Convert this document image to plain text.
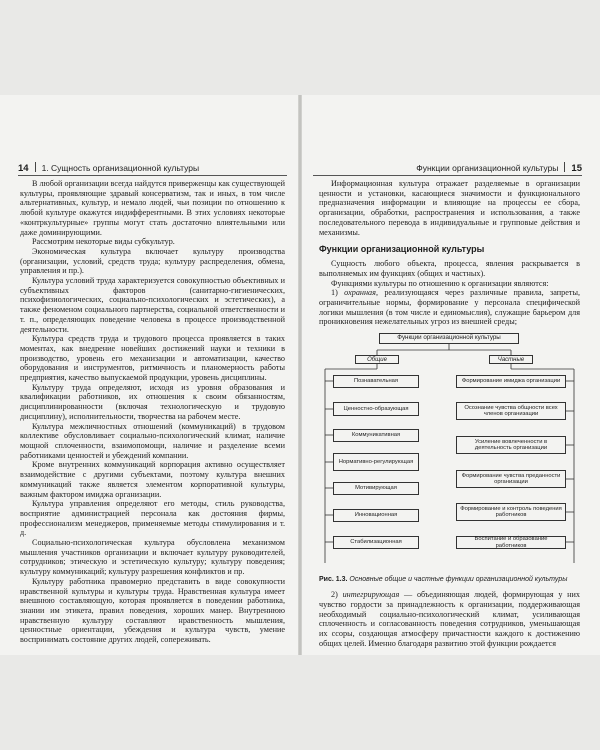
14 1. Сущность организационной культуры

В любой организации всегда найдутся приверженцы как существующей культуры, проявляющие здравый консерватизм, так и иных, в том числе альтернативных, культур, и немало людей, чьи позиции по отношению к любой культуре окажутся индифферентными. В этих условиях некоторые «контркультурные» группы могут стать достаточно влиятельными или даже доминирующими.

Рассмотрим некоторые виды субкультур.

Экономическая культура включает культуру производства (организации, условий, средств труда; культуру распределения, обмена, управления и пр.).

Культура условий труда характеризуется совокупностью объективных и субъективных факторов (санитарно-гигиенических, психофизиологических, социально-психологических и эстетических), а также феноменом социального партнерства, социальной ответственности и т. п., определяющих поведение человека в процессе производственной деятельности.

Культура средств труда и трудового процесса проявляется в таких моментах, как внедрение новейших достижений науки и техники в производство, уровень его механизации и автоматизации, качество оборудования и инструментов, ритмичность и планомерность работы предприятия, качество выпускаемой продукции, уровень дисциплины.

Культуру труда определяют, исходя из уровня образования и квалификации работников, их отношения к своим обязанностям, дисциплинированности (включая технологическую и трудовую дисциплину), исполнительности, творчества на рабочем месте.

Культура межличностных отношений (коммуникаций) в трудовом коллективе обусловливает социально-психологический климат, наличие мощной сплоченности, взаимопомощи, наличие и разделение всеми работниками ценностей и убеждений компании.

Кроме внутренних коммуникаций корпорация активно осуществляет взаимодействие с другими субъектами, поэтому культура внешних коммуникаций также является элементом корпоративной культуры, важным фактором имиджа организации.

Культура управления определяют его методы, стиль руководства, восприятие администрацией персонала как достояния фирмы, профессионализм менеджеров, применяемые методы стимулирования и т. д.

Социально-психологическая культура обусловлена механизмом мышления участников организации и включает культуру руководителей, сотрудников; этическую и эстетическую культуру; культуру поведения; культуру коммуникаций; культуру разрешения конфликтов и пр.

Культуру работника правомерно представить в виде совокупности нравственной культуры и культуры труда. Нравственная культура имеет внешнюю составляющую, которая проявляется в поведении работника, знании им этикета, правил поведения, хороших манер. Внутреннюю нравственную культуру составляют нравственность мышления, ценностные ориентации, убеждения и культура чувств, умение воспринимать состояние других людей, сопереживать.

Функции организационной культуры 15

Информационная культура отражает разделяемые в организации ценности и установки, касающиеся значимости и функционального предназначения информации и влияющие на процессы ее сбора, организации, обработки, распространения и использования, а также последовательного перевода в индивидуальные и групповые действия и механизмы.

Функции организационной культуры

Сущность любого объекта, процесса, явления раскрывается в выполняемых им функциях (общих и частных).

Функциями культуры по отношению к организации являются:

1) охранная, реализующаяся через различные правила, запреты, ограничительные нормы, формирование у персонала специфической логики мышления (в том числе и единомыслия), служащие барьером для проникновения нежелательных угроз из внешней среды;

Функции организационной культуры
Общие	Частные
Познавательная
Ценностно-образующая
Коммуникативная
Нормативно-регулирующая
Мотивирующая
Инновационная
Стабилизационная
Формирование имиджа организации
Осознание чувства общности всех членов организации
Усиление вовлеченности в деятельность организации
Формирование чувства преданности организации
Формирование и контроль поведения работников
Воспитание и образование работников
Рис. 1.3. Основные общие и частные функции организационной культуры

2) интегрирующая — объединяющая людей, формирующая у них чувство гордости за принадлежность к организации, поддерживающая необходимый социально-психологический климат, усиливающая сплоченность и согласованность поведения сотрудников, уменьшающая их ссоры, создающая атмосферу причастности каждого к достижению общих целей. Именно благодаря развитию этой функции рождается
